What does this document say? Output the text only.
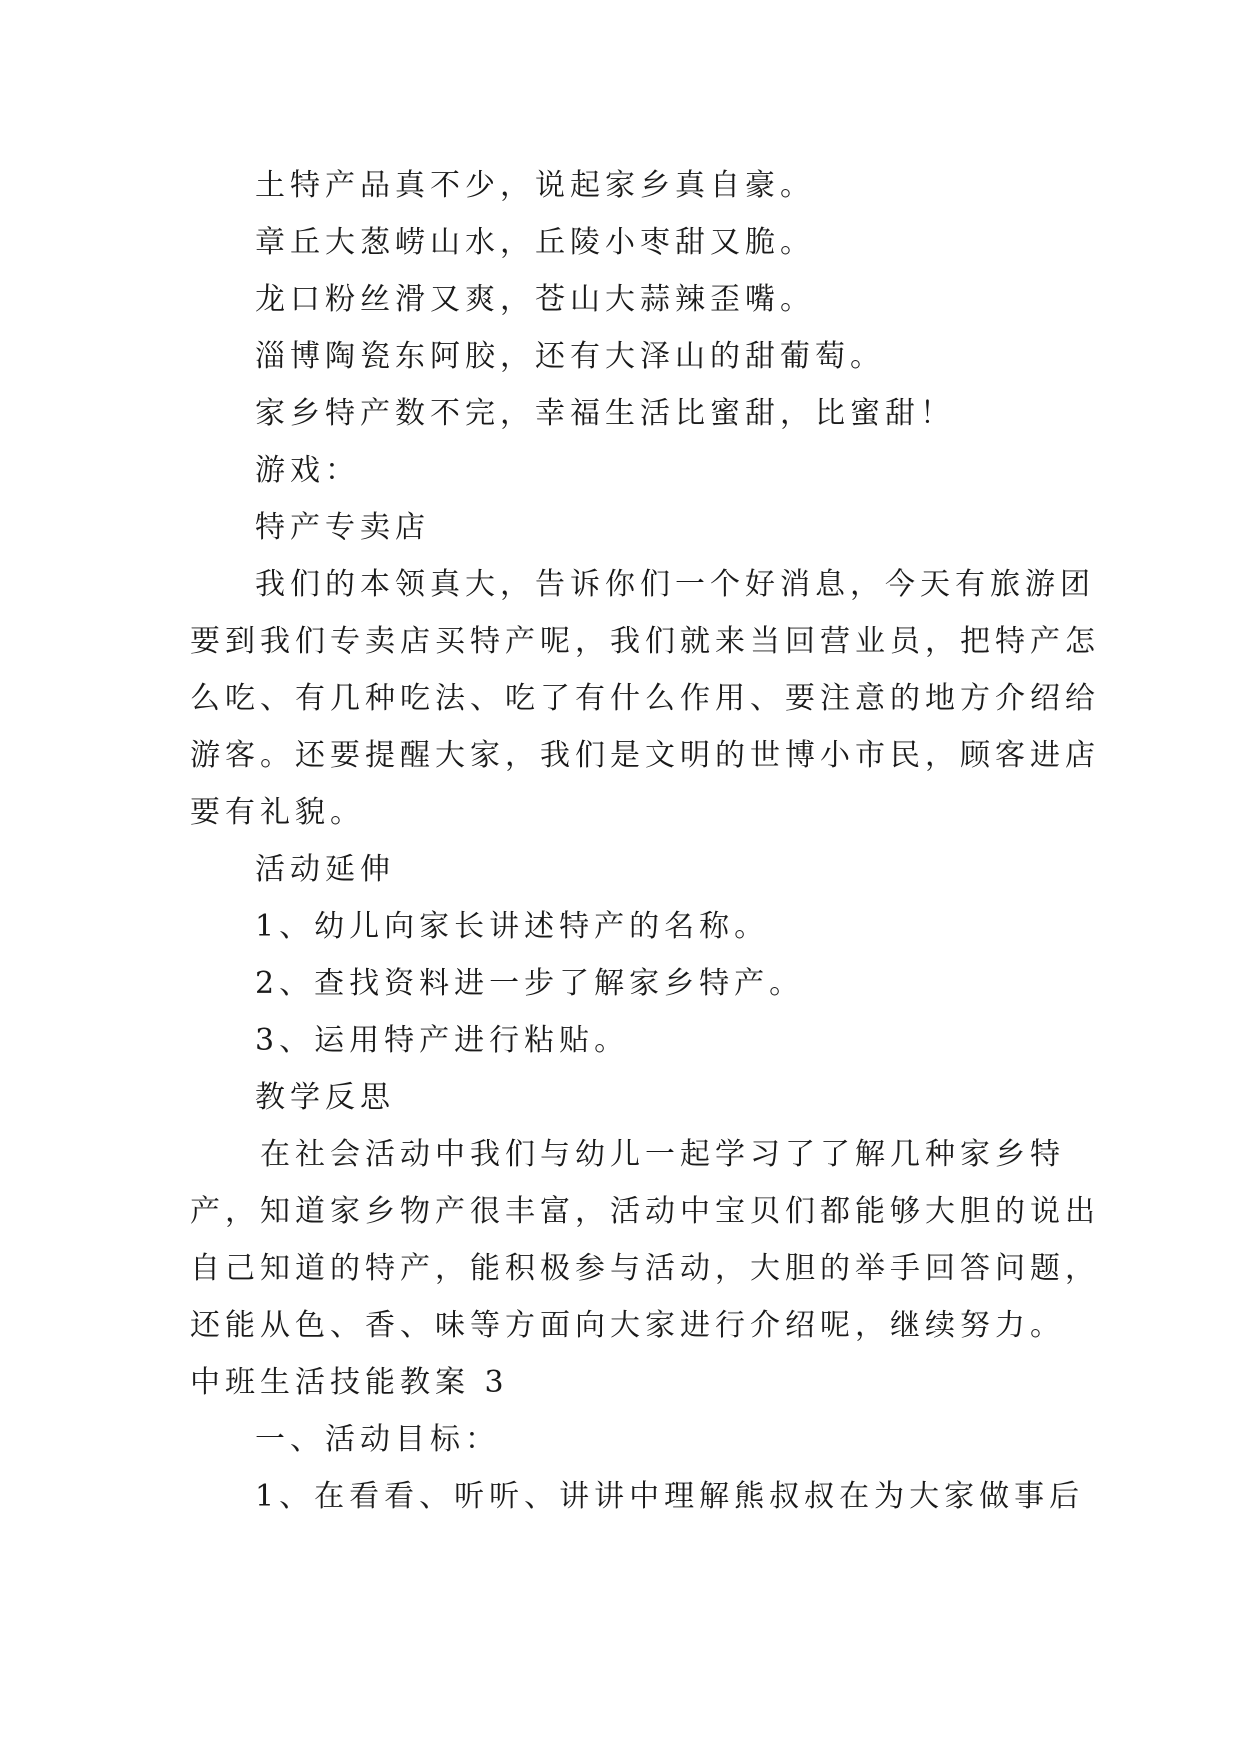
土特产品真不少，说起家乡真自豪。
章丘大葱崂山水，丘陵小枣甜又脆。
龙口粉丝滑又爽，苍山大蒜辣歪嘴。
淄博陶瓷东阿胶，还有大泽山的甜葡萄。
家乡特产数不完，幸福生活比蜜甜，比蜜甜！
游戏：
特产专卖店
我们的本领真大，告诉你们一个好消息，今天有旅游团
要到我们专卖店买特产呢，我们就来当回营业员，把特产怎
么吃、有几种吃法、吃了有什么作用、要注意的地方介绍给
游客。还要提醒大家，我们是文明的世博小市民，顾客进店
要有礼貌。
活动延伸
1、幼儿向家长讲述特产的名称。
2、查找资料进一步了解家乡特产。
3、运用特产进行粘贴。
教学反思
在社会活动中我们与幼儿一起学习了了解几种家乡特
产，知道家乡物产很丰富，活动中宝贝们都能够大胆的说出
自己知道的特产，能积极参与活动，大胆的举手回答问题，
还能从色、香、味等方面向大家进行介绍呢，继续努力。
中班生活技能教案 3
一、活动目标：
1、在看看、听听、讲讲中理解熊叔叔在为大家做事后
